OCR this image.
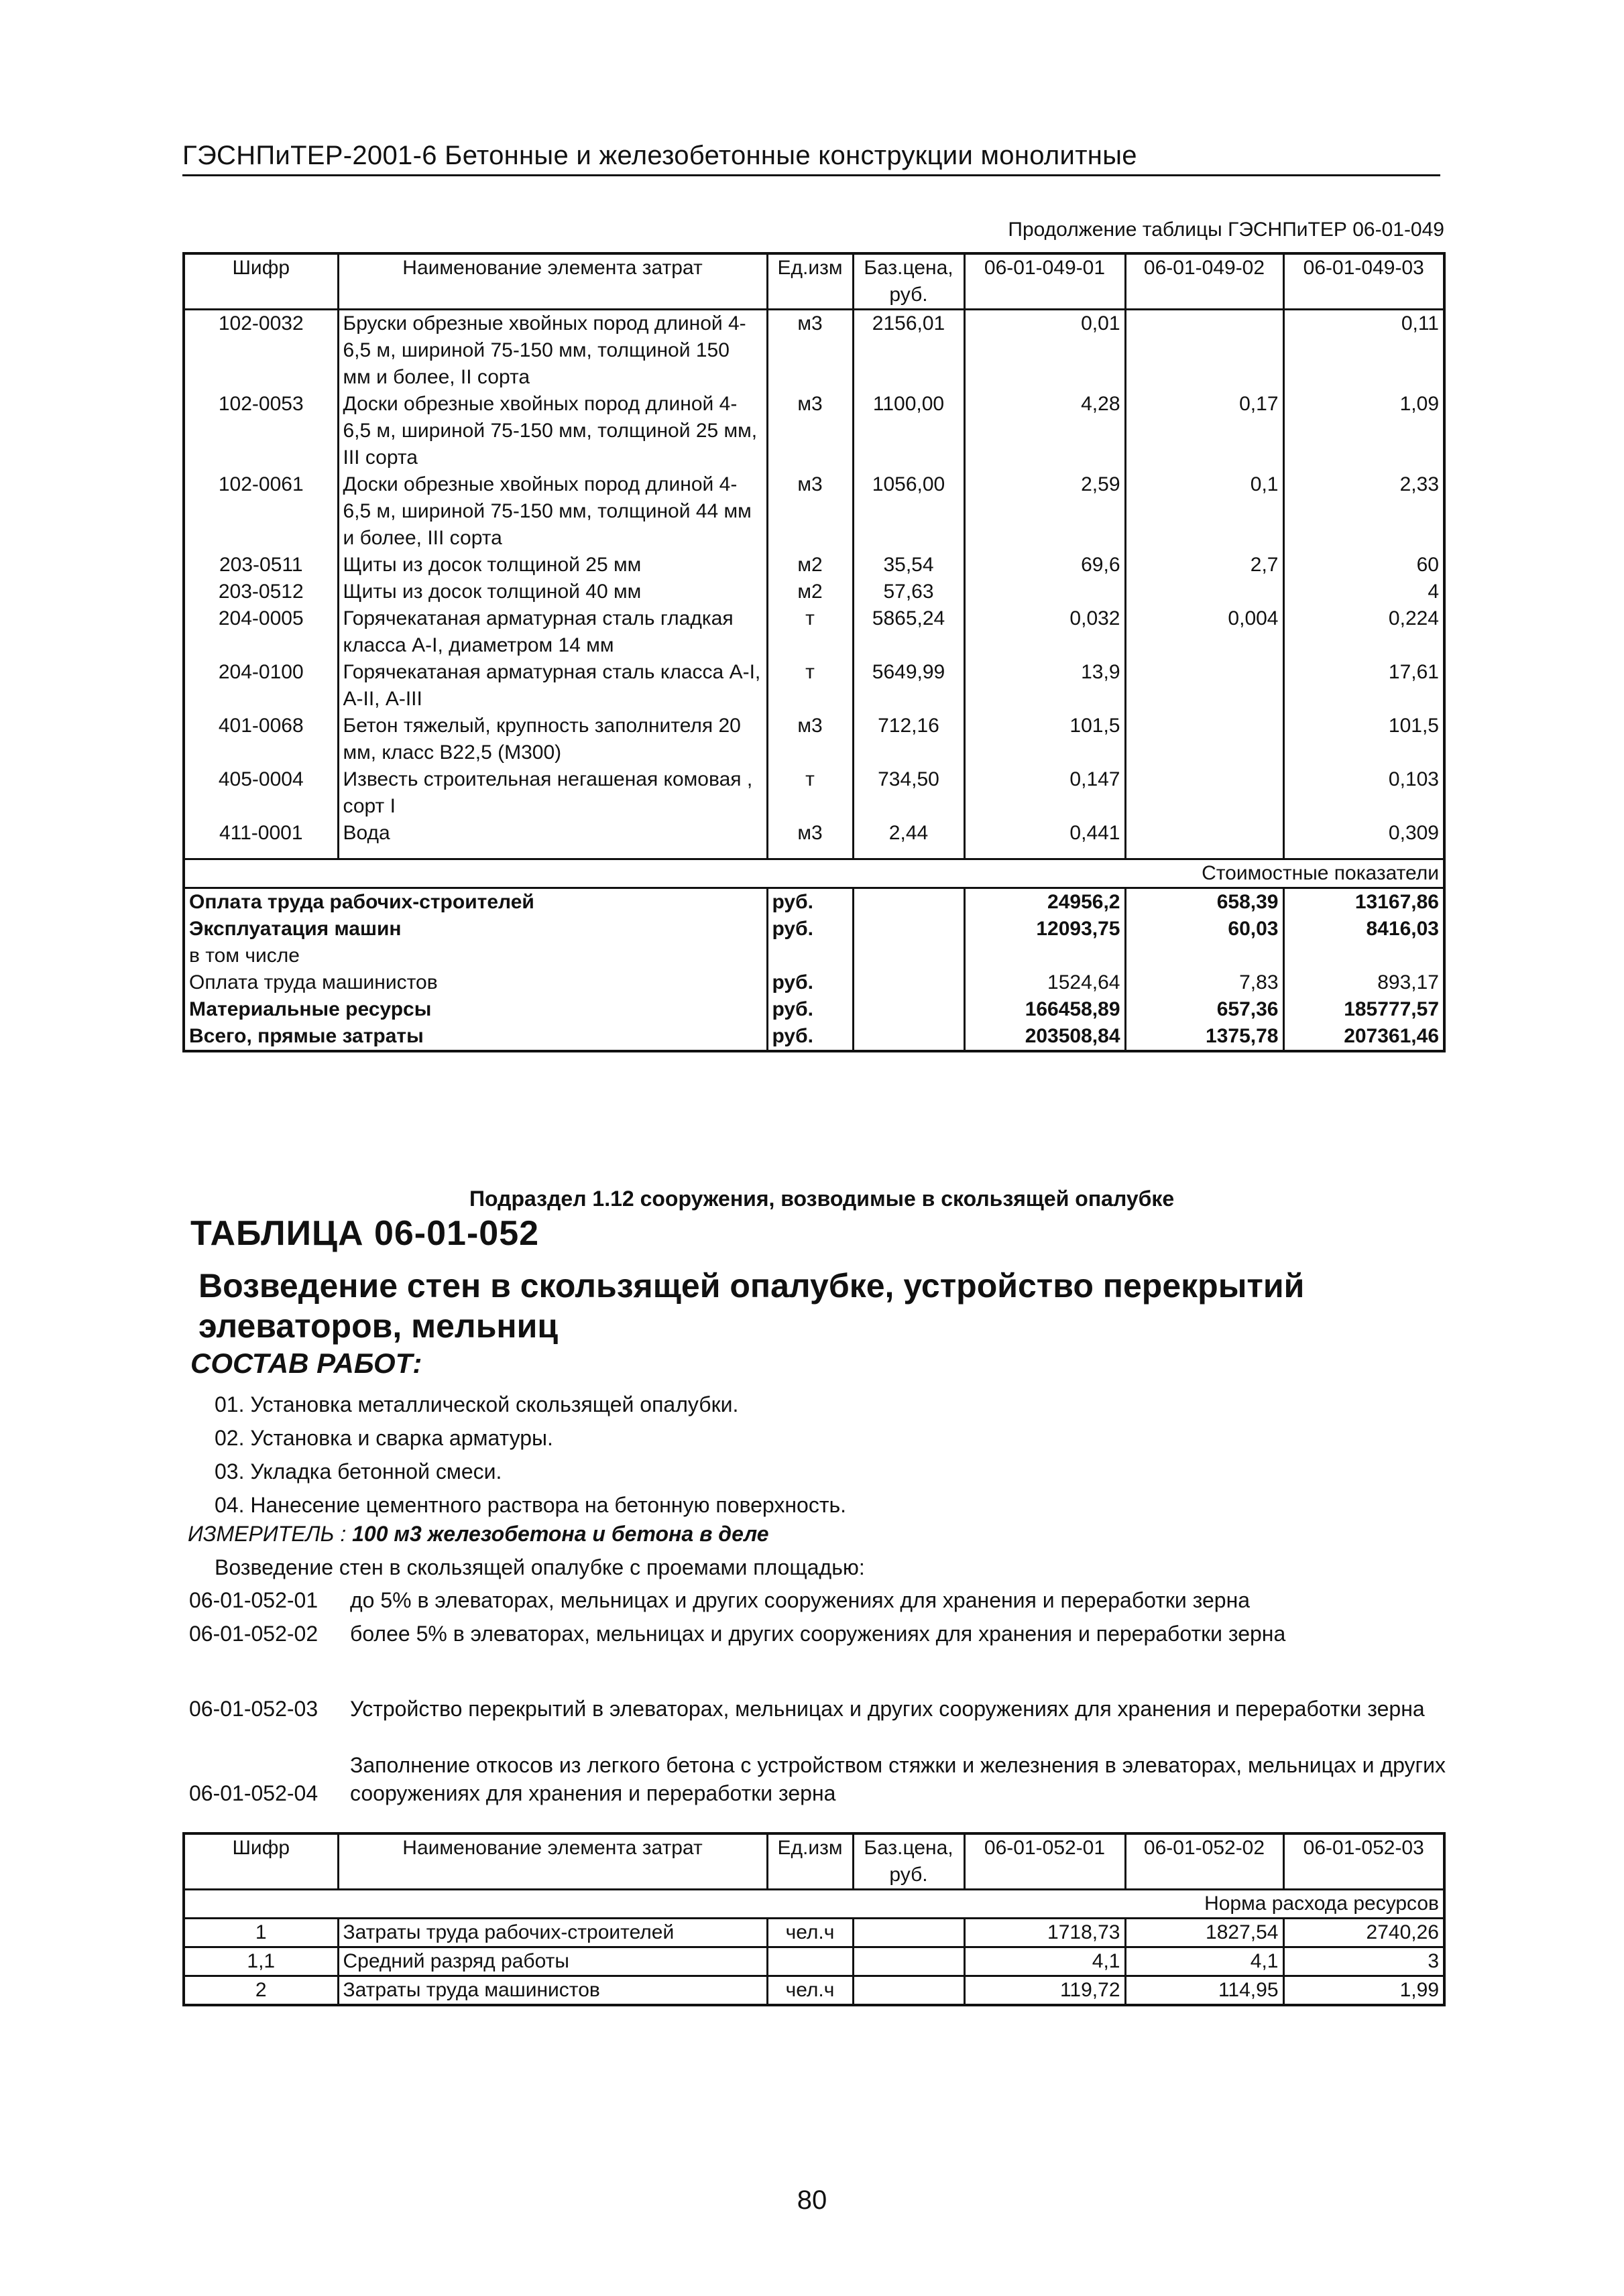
ГЭСНПиТЕР-2001-6 Бетонные и железобетонные конструкции монолитные
Продолжение таблицы ГЭСНПиТЕР 06-01-049
Шифр	Наименование элемента затрат	Ед.изм	Баз.цена, руб.	06-01-049-01	06-01-049-02	06-01-049-03
102-0032	Бруски обрезные хвойных пород длиной 4-6,5 м, шириной 75-150 мм, толщиной 150 мм и более, II сорта	м3	2156,01	0,01		0,11
102-0053	Доски обрезные хвойных пород длиной 4-6,5 м, шириной 75-150 мм, толщиной 25 мм, III сорта	м3	1100,00	4,28	0,17	1,09
102-0061	Доски обрезные хвойных пород длиной 4-6,5 м, шириной 75-150 мм, толщиной 44 мм и более, III сорта	м3	1056,00	2,59	0,1	2,33
203-0511	Щиты из досок толщиной 25 мм	м2	35,54	69,6	2,7	60
203-0512	Щиты из досок толщиной 40 мм	м2	57,63			4
204-0005	Горячекатаная арматурная сталь гладкая класса А-I, диаметром 14 мм	т	5865,24	0,032	0,004	0,224
204-0100	Горячекатаная арматурная сталь класса А-I, А-II, А-III	т	5649,99	13,9		17,61
401-0068	Бетон тяжелый, крупность заполнителя 20 мм, класс В22,5 (М300)	м3	712,16	101,5		101,5
405-0004	Известь строительная негашеная комовая , сорт I	т	734,50	0,147		0,103
411-0001	Вода	м3	2,44	0,441		0,309
Стоимостные показатели						
Оплата труда рабочих-строителей		руб.		24956,2	658,39	13167,86
Эксплуатация машин		руб.		12093,75	60,03	8416,03
в том числе						
Оплата труда машинистов		руб.		1524,64	7,83	893,17
Материальные ресурсы		руб.		166458,89	657,36	185777,57
Всего, прямые затраты		руб.		203508,84	1375,78	207361,46
Подраздел 1.12 сооружения, возводимые в скользящей опалубке
ТАБЛИЦА 06-01-052
Возведение стен в скользящей опалубке, устройство перекрытий элеваторов, мельниц
СОСТАВ РАБОТ:
01. Установка металлической скользящей опалубки.
02. Установка и сварка арматуры.
03. Укладка бетонной смеси.
04. Нанесение цементного раствора на бетонную поверхность.
ИЗМЕРИТЕЛЬ : 100 м3 железобетона и бетона в деле
Возведение стен в скользящей опалубке с проемами площадью:
06-01-052-01 до 5% в элеваторах, мельницах и других сооружениях для хранения и переработки зерна
06-01-052-02 более 5% в элеваторах, мельницах и других сооружениях для хранения и переработки зерна
06-01-052-03 Устройство перекрытий в элеваторах, мельницах и других сооружениях для хранения и переработки зерна
06-01-052-04Заполнение откосов из легкого бетона с устройством стяжки и железнения в элеваторах, мельницах и других сооружениях для хранения и переработки зерна
Шифр	Наименование элемента затрат	Ед.изм	Баз.цена, руб.	06-01-052-01	06-01-052-02	06-01-052-03
Норма расхода ресурсов						
1	Затраты труда рабочих-строителей	чел.ч		1718,73	1827,54	2740,26
1,1	Средний разряд работы			4,1	4,1	3
2	Затраты труда машинистов	чел.ч		119,72	114,95	1,99
80
